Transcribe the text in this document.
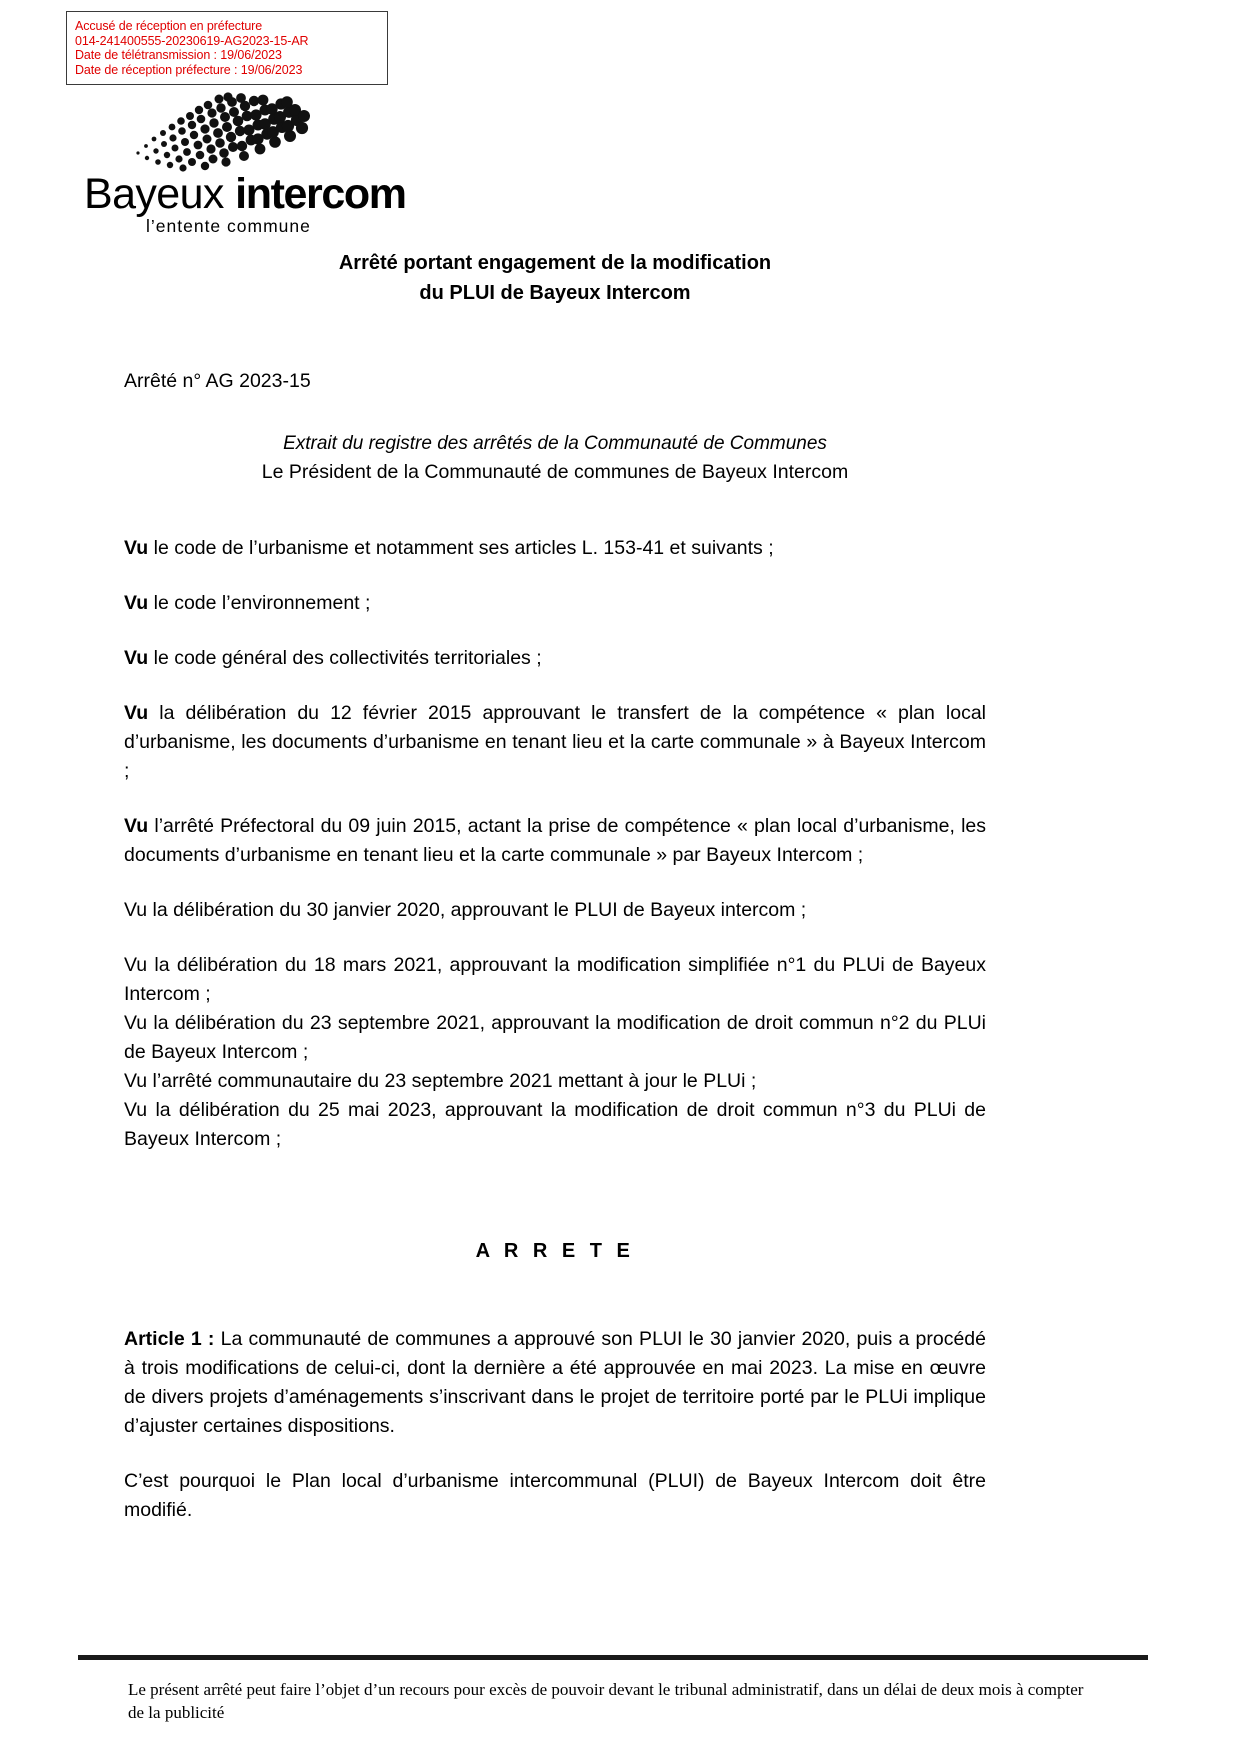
Accusé de réception en préfecture
014-241400555-20230619-AG2023-15-AR
Date de télétransmission : 19/06/2023
Date de réception préfecture : 19/06/2023
Bayeux intercom
l’entente commune
Arrêté portant engagement de la modification
du PLUI de Bayeux Intercom
Arrêté n° AG 2023-15
Extrait du registre des arrêtés de la Communauté de Communes
Le Président de la Communauté de communes de Bayeux Intercom
Vu le code de l’urbanisme et notamment ses articles L. 153-41 et suivants ;
Vu le code l’environnement ;
Vu le code général des collectivités territoriales ;
Vu la délibération du 12 février 2015 approuvant le transfert de la compétence « plan local d’urbanisme, les documents d’urbanisme en tenant lieu et la carte communale » à Bayeux Intercom ;
Vu l’arrêté Préfectoral du 09 juin 2015, actant la prise de compétence « plan local d’urbanisme, les documents d’urbanisme en tenant lieu et la carte communale » par Bayeux Intercom ;
Vu la délibération du 30 janvier 2020, approuvant le PLUI de Bayeux intercom ;
Vu la délibération du 18 mars 2021, approuvant la modification simplifiée n°1 du PLUi de Bayeux Intercom ;
Vu la délibération du 23 septembre 2021, approuvant la modification de droit commun n°2 du PLUi de Bayeux Intercom ;
Vu l’arrêté communautaire du 23 septembre 2021 mettant à jour le PLUi ;
Vu la délibération du 25 mai 2023, approuvant la modification de droit commun n°3 du PLUi de Bayeux Intercom ;
A R R E T E
Article 1 : La communauté de communes a approuvé son PLUI le 30 janvier 2020, puis a procédé à trois modifications de celui-ci, dont la dernière a été approuvée en mai 2023. La mise en œuvre de divers projets d’aménagements s’inscrivant dans le projet de territoire porté par le PLUi implique d’ajuster certaines dispositions.
C’est pourquoi le Plan local d’urbanisme intercommunal (PLUI) de Bayeux Intercom doit être modifié.
Le présent arrêté peut faire l’objet d’un recours pour excès de pouvoir devant le tribunal administratif, dans un délai de deux mois à compter de la publicité
